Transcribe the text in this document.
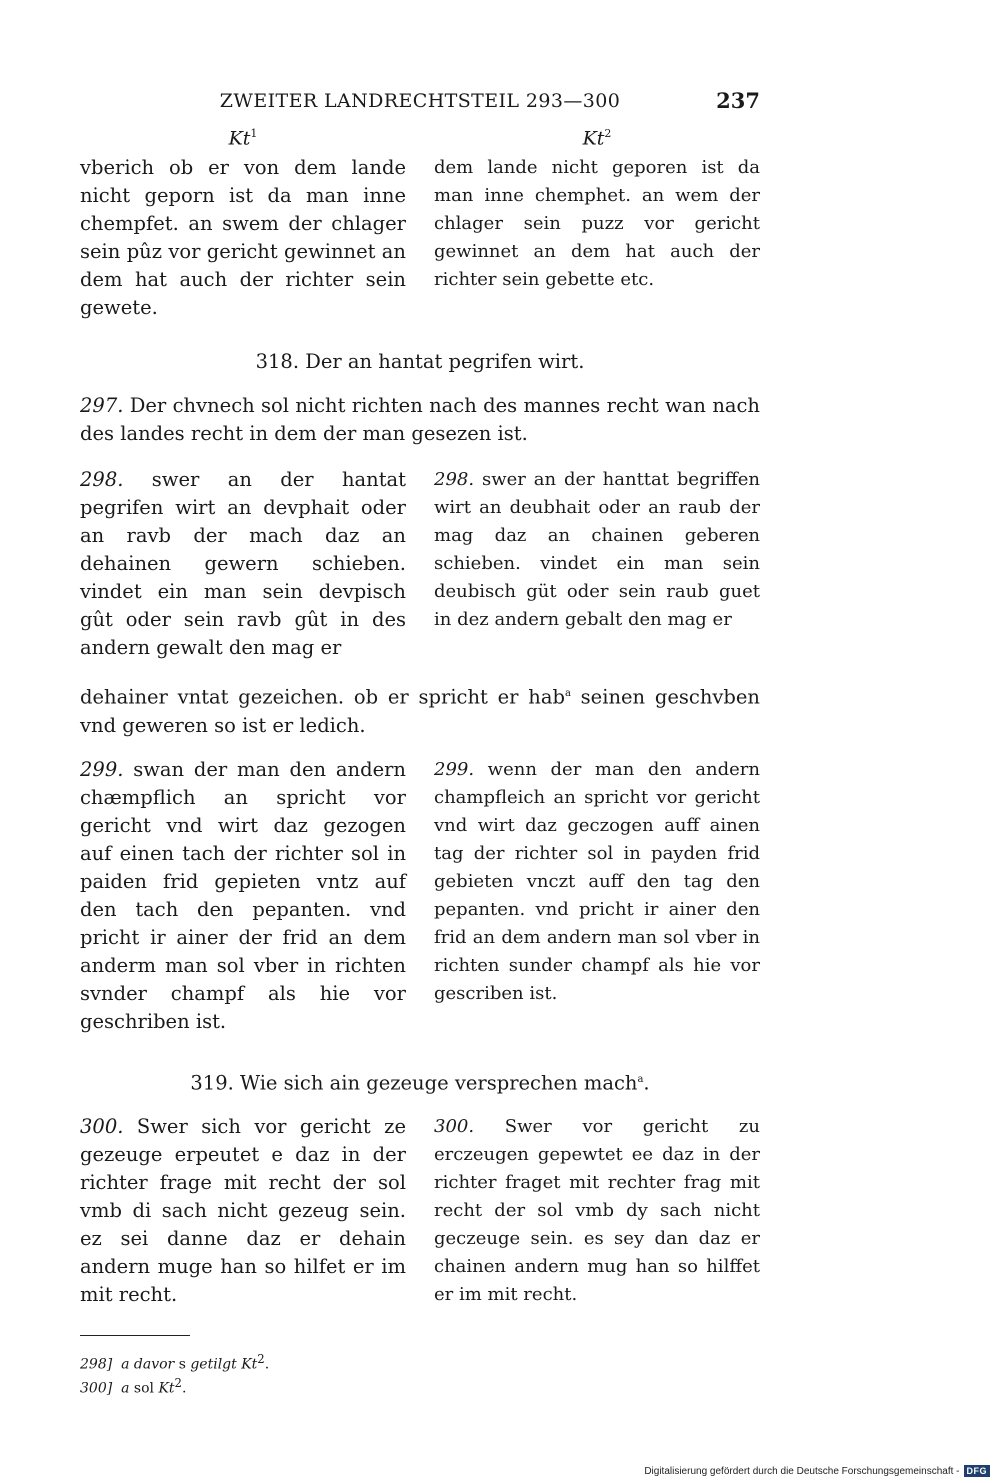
ZWEITER LANDRECHTSTEIL 293—300	237
Kt$^1$
vberich ob er von dem lande nicht geporn ist da man inne chempfet. an swem der chlager sein pûz vor gericht gewinnet an dem hat auch der richter sein gewete.
Kt$^2$
dem lande nicht geporen ist da man inne chemphet. an wem der chlager sein puzz vor gericht gewinnet an dem hat auch der richter sein gebette etc.
318. Der an hantat pegrifen wirt.
297. Der chvnech sol nicht richten nach des mannes recht wan nach des landes recht in dem der man gesezen ist.
298. swer an der hantat pegrifen wirt an devphait oder an ravb der mach daz an dehainen gewern schieben. vindet ein man sein devpisch gût oder sein ravb gût in des andern gewalt den mag er
298. swer an der hanttat begriffen wirt an deubhait oder an raub der mag daz an chainen geberen schieben. vindet ein man sein deubisch güt oder sein raub guet in dez andern gebalt den mag er
dehainer vntat gezeichen. ob er spricht er hab$^a$ seinen geschvben vnd geweren so ist er ledich.
299. swan der man den andern chæmpflich an spricht vor gericht vnd wirt daz gezogen auf einen tach der richter sol in paiden frid gepieten vntz auf den tach den pepanten. vnd pricht ir ainer der frid an dem anderm man sol vber in richten svnder champf als hie vor geschriben ist.
299. wenn der man den andern champfleich an spricht vor gericht vnd wirt daz geczogen auff ainen tag der richter sol in payden frid gebieten vnczt auff den tag den pepanten. vnd pricht ir ainer den frid an dem andern man sol vber in richten sunder champf als hie vor gescriben ist.
319. Wie sich ain gezeuge versprechen mach$^a$.
300. Swer sich vor gericht ze gezeuge erpeutet e daz in der richter frage mit recht der sol vmb di sach nicht gezeug sein. ez sei danne daz er dehain andern muge han so hilfet er im mit recht.
300. Swer vor gericht zu erczeugen gepewtet ee daz in der richter fraget mit rechter frag mit recht der sol vmb dy sach nicht geczeuge sein. es sey dan daz er chainen andern mug han so hilffet er im mit recht.
298] a davor s getilgt Kt$^2$.
300] a sol Kt$^2$.
Digitalisierung gefördert durch die Deutsche Forschungsgemeinschaft - DFG
